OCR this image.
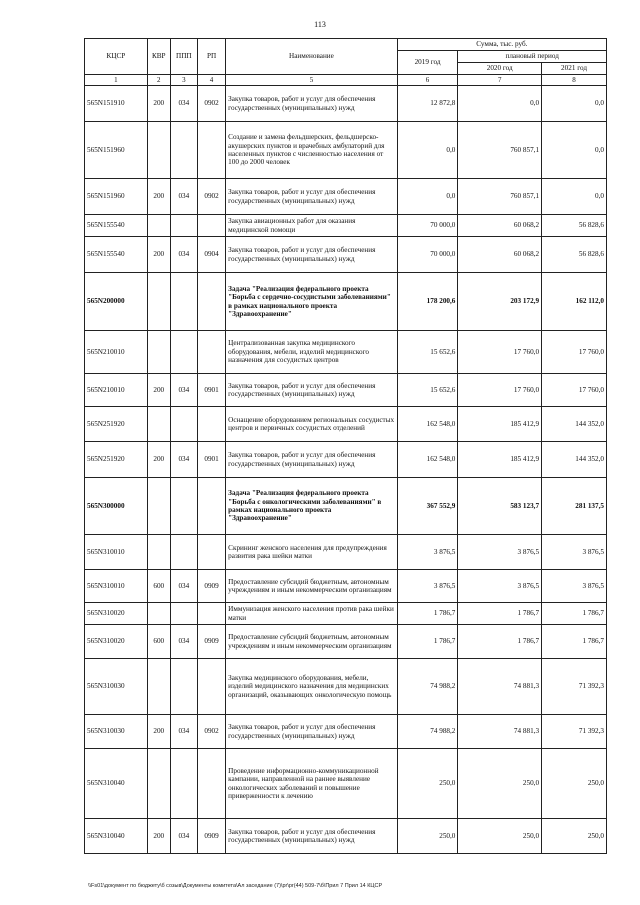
113
КЦСР	КВР	ППП	РП	Наименование	Сумма, тыс. руб.		
					2019 год	плановый период	
						2020 год	2021 год
1	2	3	4	5	6	7	8
565N151910	200	034	0902	Закупка товаров, работ и услуг для обеспечения государственных (муниципальных) нужд	12 872,8	0,0	0,0
565N151960				Создание и замена фельдшерских, фельдшерско-акушерских пунктов и врачебных амбулаторий для населенных пунктов с численностью населения от 100 до 2000 человек	0,0	760 857,1	0,0
565N151960	200	034	0902	Закупка товаров, работ и услуг для обеспечения государственных (муниципальных) нужд	0,0	760 857,1	0,0
565N155540				Закупка авиационных работ для оказания медицинской помощи	70 000,0	60 068,2	56 828,6
565N155540	200	034	0904	Закупка товаров, работ и услуг для обеспечения государственных (муниципальных) нужд	70 000,0	60 068,2	56 828,6
565N200000				Задача "Реализация федерального проекта "Борьба с сердечно-сосудистыми заболеваниями" в рамках национального проекта "Здравоохранение"	178 200,6	203 172,9	162 112,0
565N210010				Централизованная закупка медицинского оборудования, мебели, изделий медицинского назначения для сосудистых центров	15 652,6	17 760,0	17 760,0
565N210010	200	034	0901	Закупка товаров, работ и услуг для обеспечения государственных (муниципальных) нужд	15 652,6	17 760,0	17 760,0
565N251920				Оснащение оборудованием региональных сосудистых центров и первичных сосудистых отделений	162 548,0	185 412,9	144 352,0
565N251920	200	034	0901	Закупка товаров, работ и услуг для обеспечения государственных (муниципальных) нужд	162 548,0	185 412,9	144 352,0
565N300000				Задача "Реализация федерального проекта "Борьба с онкологическими заболеваниями" в рамках национального проекта "Здравоохранение"	367 552,9	583 123,7	281 137,5
565N310010				Скрининг женского населения для предупреждения развития рака шейки матки	3 876,5	3 876,5	3 876,5
565N310010	600	034	0909	Предоставление субсидий бюджетным, автономным учреждениям и иным некоммерческим организациям	3 876,5	3 876,5	3 876,5
565N310020				Иммунизация женского населения против рака шейки матки	1 786,7	1 786,7	1 786,7
565N310020	600	034	0909	Предоставление субсидий бюджетным, автономным учреждениям и иным некоммерческим организациям	1 786,7	1 786,7	1 786,7
565N310030				Закупка медицинского оборудования, мебели, изделий медицинского назначения для медицинских организаций, оказывающих онкологическую помощь	74 988,2	74 881,3	71 392,3
565N310030	200	034	0902	Закупка товаров, работ и услуг для обеспечения государственных (муниципальных) нужд	74 988,2	74 881,3	71 392,3
565N310040				Проведение информационно-коммуникационной кампании, направленной на раннее выявление онкологических заболеваний и повышение приверженности к лечению	250,0	250,0	250,0
565N310040	200	034	0909	Закупка товаров, работ и услуг для обеспечения государственных (муниципальных) нужд	250,0	250,0	250,0
\\Fs01\документ по бюджету\б созыв\Документы комитета\Ал заседание (7)\pr\pr(44) 509-7\б\Прил 7 Прил 14 КЦСР
